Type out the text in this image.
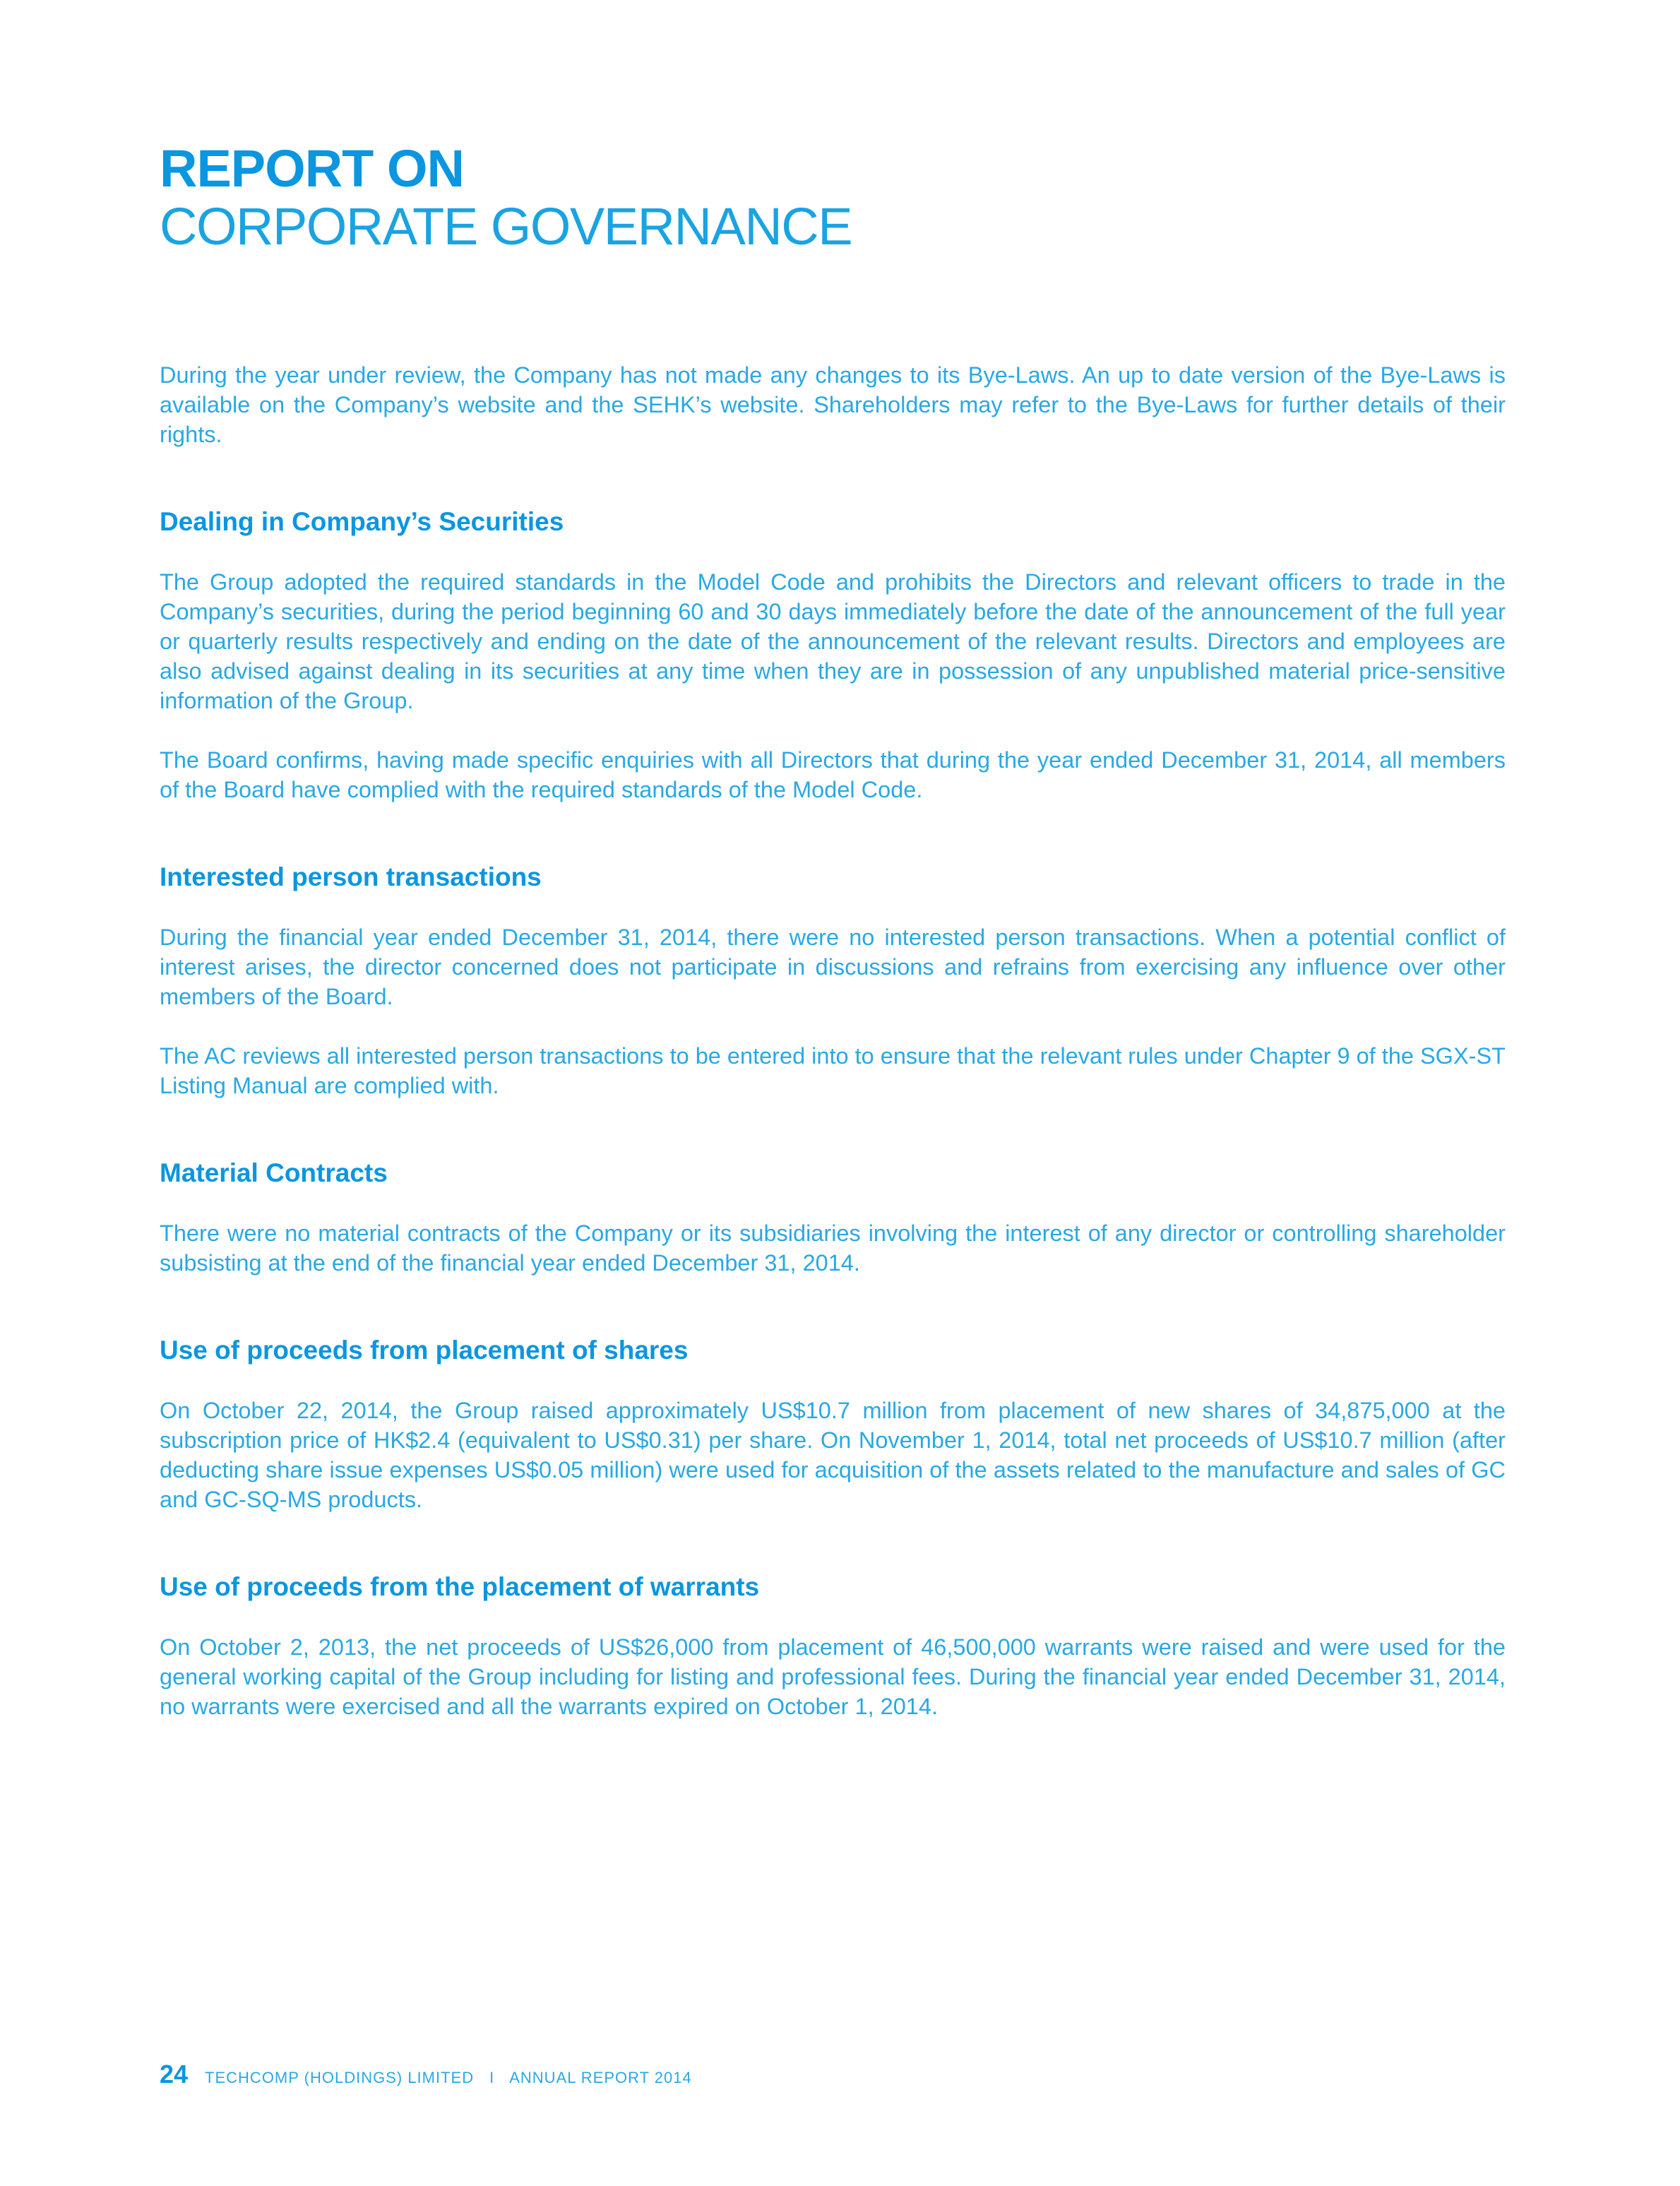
REPORT ON
CORPORATE GOVERNANCE

During the year under review, the Company has not made any changes to its Bye-Laws. An up to date version of the Bye-Laws is available on the Company’s website and the SEHK’s website. Shareholders may refer to the Bye-Laws for further details of their rights.

Dealing in Company’s Securities

The Group adopted the required standards in the Model Code and prohibits the Directors and relevant officers to trade in the Company’s securities, during the period beginning 60 and 30 days immediately before the date of the announcement of the full year or quarterly results respectively and ending on the date of the announcement of the relevant results. Directors and employees are also advised against dealing in its securities at any time when they are in possession of any unpublished material price-sensitive information of the Group.

The Board confirms, having made specific enquiries with all Directors that during the year ended December 31, 2014, all members of the Board have complied with the required standards of the Model Code.

Interested person transactions

During the financial year ended December 31, 2014, there were no interested person transactions. When a potential conflict of interest arises, the director concerned does not participate in discussions and refrains from exercising any influence over other members of the Board.

The AC reviews all interested person transactions to be entered into to ensure that the relevant rules under Chapter 9 of the SGX-ST Listing Manual are complied with.

Material Contracts

There were no material contracts of the Company or its subsidiaries involving the interest of any director or controlling shareholder subsisting at the end of the financial year ended December 31, 2014.

Use of proceeds from placement of shares

On October 22, 2014, the Group raised approximately US$10.7 million from placement of new shares of 34,875,000 at the subscription price of HK$2.4 (equivalent to US$0.31) per share. On November 1, 2014, total net proceeds of US$10.7 million (after deducting share issue expenses US$0.05 million) were used for acquisition of the assets related to the manufacture and sales of GC and GC-SQ-MS products.

Use of proceeds from the placement of warrants

On October 2, 2013, the net proceeds of US$26,000 from placement of 46,500,000 warrants were raised and were used for the general working capital of the Group including for listing and professional fees. During the financial year ended December 31, 2014, no warrants were exercised and all the warrants expired on October 1, 2014.

24 TECHCOMP (HOLDINGS) LIMITED I ANNUAL REPORT 2014
